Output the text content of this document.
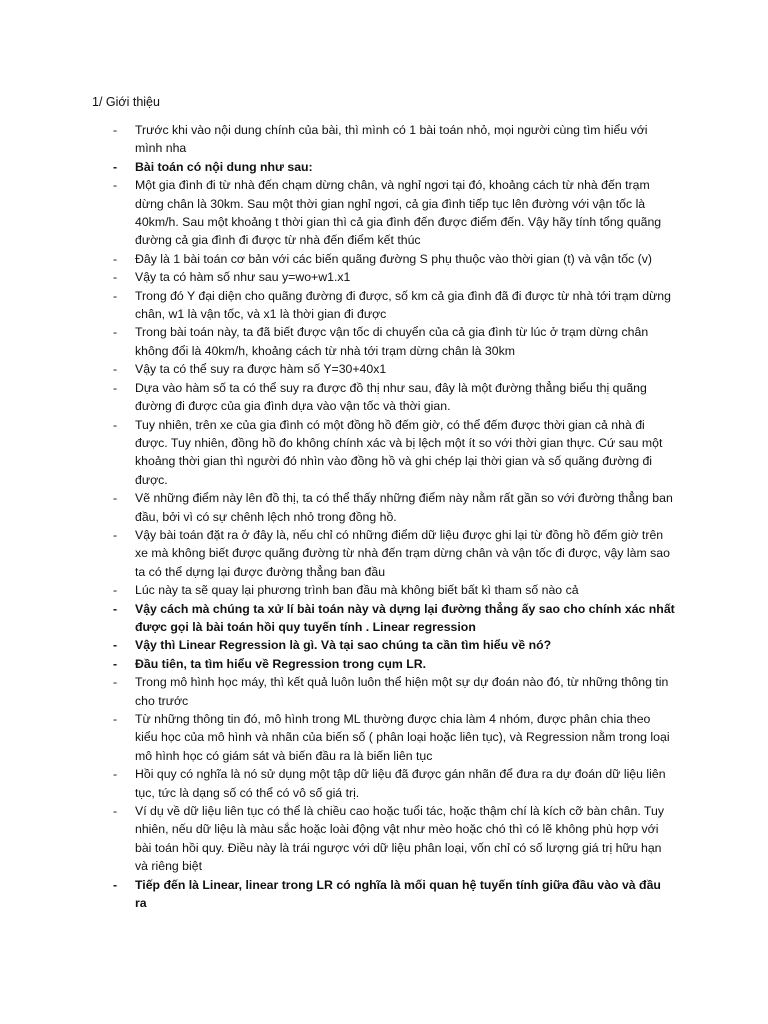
1/ Giới thiệu

- Trước khi vào nội dung chính của bài, thì mình có 1 bài toán nhỏ, mọi người cùng tìm hiểu với mình nha
- Bài toán có nội dung như sau:
- Một gia đình đi từ nhà đến chạm dừng chân, và nghỉ ngơi tại đó, khoảng cách từ nhà đến trạm dừng chân là 30km. Sau một thời gian nghỉ ngơi, cả gia đình tiếp tục lên đường với vận tốc là 40km/h. Sau một khoảng t thời gian thì cả gia đình đến được điểm đến. Vậy hãy tính tổng quãng đường cả gia đình đi được từ nhà đến điểm kết thúc
- Đây là 1 bài toán cơ bản với các biến quãng đường S phụ thuộc vào thời gian (t) và vận tốc (v)
- Vậy ta có hàm số như sau y=wo+w1.x1
- Trong đó Y đại diện cho quãng đường đi được, số km cả gia đình đã đi được từ nhà tới trạm dừng chân, w1 là vận tốc, và x1 là thời gian đi được
- Trong bài toán này, ta đã biết được vận tốc di chuyển của cả gia đình từ lúc ở trạm dừng chân không đổi là 40km/h, khoảng cách từ nhà tới trạm dừng chân là 30km
- Vậy ta có thể suy ra được hàm số Y=30+40x1
- Dựa vào hàm số ta có thể suy ra được đồ thị như sau, đây là một đường thẳng biểu thị quãng đường đi được của gia đình dựa vào vận tốc và thời gian.
- Tuy nhiên, trên xe của gia đình có một đồng hồ đếm giờ, có thể đếm được thời gian cả nhà đi được. Tuy nhiên, đồng hồ đo không chính xác và bị lệch một ít so với thời gian thực. Cứ sau một khoảng thời gian thì người đó nhìn vào đồng hồ và ghi chép lại thời gian và số quãng đường đi được.
- Vẽ những điểm này lên đồ thị, ta có thể thấy những điểm này nằm rất gần so với đường thẳng ban đầu, bởi vì có sự chênh lệch nhỏ trong đồng hồ.
- Vậy bài toán đặt ra ở đây là, nếu chỉ có những điểm dữ liệu được ghi lại từ đồng hồ đếm giờ trên xe mà không biết được quãng đường từ nhà đến trạm dừng chân và vận tốc đi được, vậy làm sao ta có thể dựng lại được đường thẳng ban đầu
- Lúc này ta sẽ quay lại phương trình ban đầu mà không biết bất kì tham số nào cả
- Vậy cách mà chúng ta xử lí bài toán này và dựng lại đường thẳng ấy sao cho chính xác nhất được gọi là bài toán hồi quy tuyến tính . Linear regression
- Vậy thì Linear Regression là gì. Và tại sao chúng ta cần tìm hiểu về nó?
- Đầu tiên, ta tìm hiểu về Regression trong cụm LR.
- Trong mô hình học máy, thì kết quả luôn luôn thể hiện một sự dự đoán nào đó, từ những thông tin cho trước
- Từ những thông tin đó, mô hình trong ML thường được chia làm 4 nhóm, được phân chia theo kiểu học của mô hình và nhãn của biến số ( phân loại hoặc liên tục), và Regression nằm trong loại mô hình học có giám sát và biến đầu ra là biến liên tục
- Hồi quy có nghĩa là nó sử dụng một tập dữ liệu đã được gán nhãn để đưa ra dự đoán dữ liệu liên tục, tức là dạng số có thể có vô số giá trị.
- Ví dụ về dữ liệu liên tục có thể là chiều cao hoặc tuổi tác, hoặc thậm chí là kích cỡ bàn chân. Tuy nhiên, nếu dữ liệu là màu sắc hoặc loài động vật như mèo hoặc chó thì có lẽ không phù hợp với bài toán hồi quy. Điều này là trái ngược với dữ liệu phân loại, vốn chỉ có số lượng giá trị hữu hạn và riêng biệt
- Tiếp đến là Linear, linear trong LR có nghĩa là mối quan hệ tuyến tính giữa đầu vào và đầu ra
